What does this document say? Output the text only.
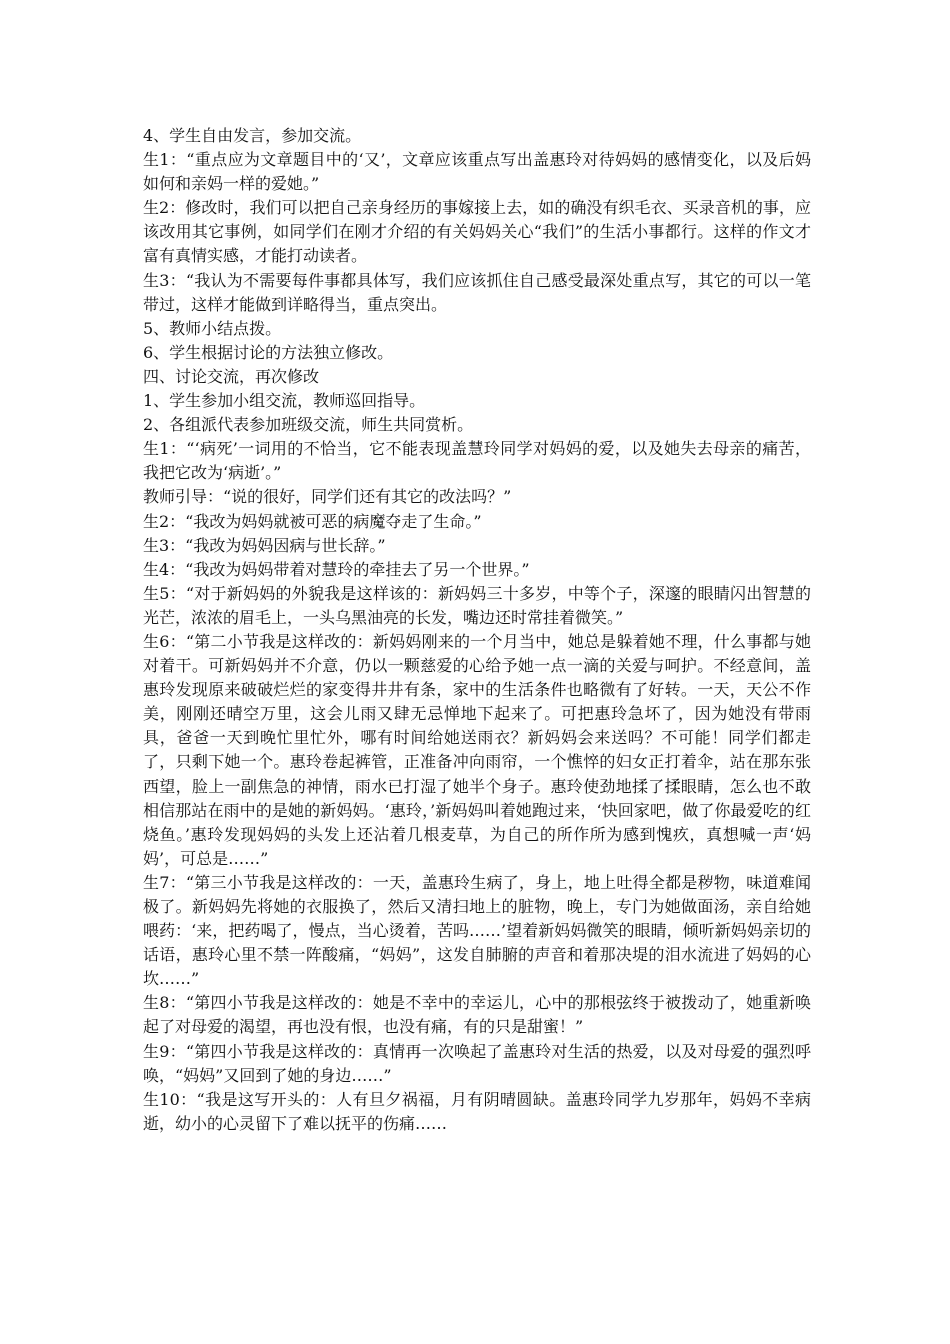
4、学生自由发言，参加交流。

生1：“重点应为文章题目中的‘又’，文章应该重点写出盖惠玲对待妈妈的感情变化，以及后妈如何和亲妈一样的爱她。”

生2：修改时，我们可以把自己亲身经历的事嫁接上去，如的确没有织毛衣、买录音机的事，应该改用其它事例，如同学们在刚才介绍的有关妈妈关心“我们”的生活小事都行。这样的作文才富有真情实感，才能打动读者。

生3：“我认为不需要每件事都具体写，我们应该抓住自己感受最深处重点写，其它的可以一笔带过，这样才能做到详略得当，重点突出。

5、教师小结点拨。

6、学生根据讨论的方法独立修改。

四、讨论交流，再次修改

1、学生参加小组交流，教师巡回指导。

2、各组派代表参加班级交流，师生共同赏析。

生1：“‘病死’一词用的不恰当，它不能表现盖慧玲同学对妈妈的爱，以及她失去母亲的痛苦，我把它改为‘病逝’。”

教师引导：“说的很好，同学们还有其它的改法吗？”

生2：“我改为妈妈就被可恶的病魔夺走了生命。”

生3：“我改为妈妈因病与世长辞。”

生4：“我改为妈妈带着对慧玲的牵挂去了另一个世界。”

生5：“对于新妈妈的外貌我是这样该的：新妈妈三十多岁，中等个子，深邃的眼睛闪出智慧的光芒，浓浓的眉毛上，一头乌黑油亮的长发，嘴边还时常挂着微笑。”

生6：“第二小节我是这样改的：新妈妈刚来的一个月当中，她总是躲着她不理，什么事都与她对着干。可新妈妈并不介意，仍以一颗慈爱的心给予她一点一滴的关爱与呵护。不经意间，盖惠玲发现原来破破烂烂的家变得井井有条，家中的生活条件也略微有了好转。一天，天公不作美，刚刚还晴空万里，这会儿雨又肆无忌惮地下起来了。可把惠玲急坏了，因为她没有带雨具，爸爸一天到晚忙里忙外，哪有时间给她送雨衣？新妈妈会来送吗？不可能！同学们都走了，只剩下她一个。惠玲卷起裤管，正准备冲向雨帘，一个憔悴的妇女正打着伞，站在那东张西望，脸上一副焦急的神情，雨水已打湿了她半个身子。惠玲使劲地揉了揉眼睛，怎么也不敢相信那站在雨中的是她的新妈妈。‘惠玲，’新妈妈叫着她跑过来，‘快回家吧，做了你最爱吃的红烧鱼。’惠玲发现妈妈的头发上还沾着几根麦草，为自己的所作所为感到愧疚，真想喊一声‘妈妈’，可总是……”

生7：“第三小节我是这样改的：一天，盖惠玲生病了，身上，地上吐得全都是秽物，味道难闻极了。新妈妈先将她的衣服换了，然后又清扫地上的脏物，晚上，专门为她做面汤，亲自给她喂药：‘来，把药喝了，慢点，当心烫着，苦吗……’望着新妈妈微笑的眼睛，倾听新妈妈亲切的话语，惠玲心里不禁一阵酸痛，“妈妈”，这发自肺腑的声音和着那决堤的泪水流进了妈妈的心坎……”

生8：“第四小节我是这样改的：她是不幸中的幸运儿，心中的那根弦终于被拨动了，她重新唤起了对母爱的渴望，再也没有恨，也没有痛，有的只是甜蜜！”

生9：“第四小节我是这样改的：真情再一次唤起了盖惠玲对生活的热爱，以及对母爱的强烈呼唤，“妈妈”又回到了她的身边……”

生10：“我是这写开头的：人有旦夕祸福，月有阴晴圆缺。盖惠玲同学九岁那年，妈妈不幸病逝，幼小的心灵留下了难以抚平的伤痛……
